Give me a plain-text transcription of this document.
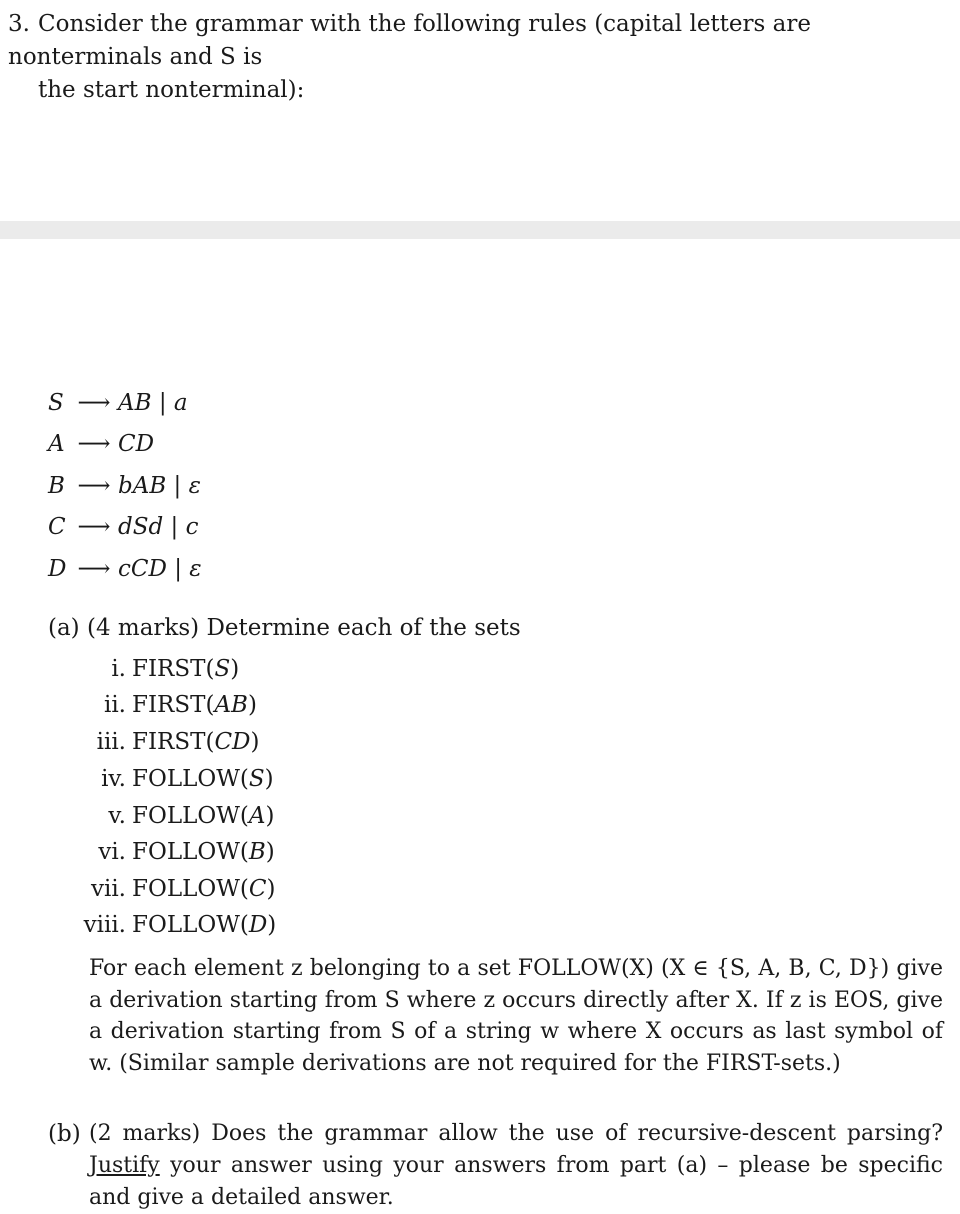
3. Consider the grammar with the following rules (capital letters are nonterminals and S is
the start nonterminal):
S ⟶ AB | a
A ⟶ CD
B ⟶ bAB | ε
C ⟶ dSd | c
D ⟶ cCD | ε
(a) (4 marks) Determine each of the sets
i. FIRST(S)
ii. FIRST(AB)
iii. FIRST(CD)
iv. FOLLOW(S)
v. FOLLOW(A)
vi. FOLLOW(B)
vii. FOLLOW(C)
viii. FOLLOW(D)
For each element z belonging to a set FOLLOW(X) (X ∈ {S, A, B, C, D}) give a derivation starting from S where z occurs directly after X. If z is EOS, give a derivation starting from S of a string w where X occurs as last symbol of w. (Similar sample derivations are not required for the FIRST-sets.)
(b) (2 marks) Does the grammar allow the use of recursive-descent parsing? Justify your answer using your answers from part (a) – please be specific and give a detailed answer.
